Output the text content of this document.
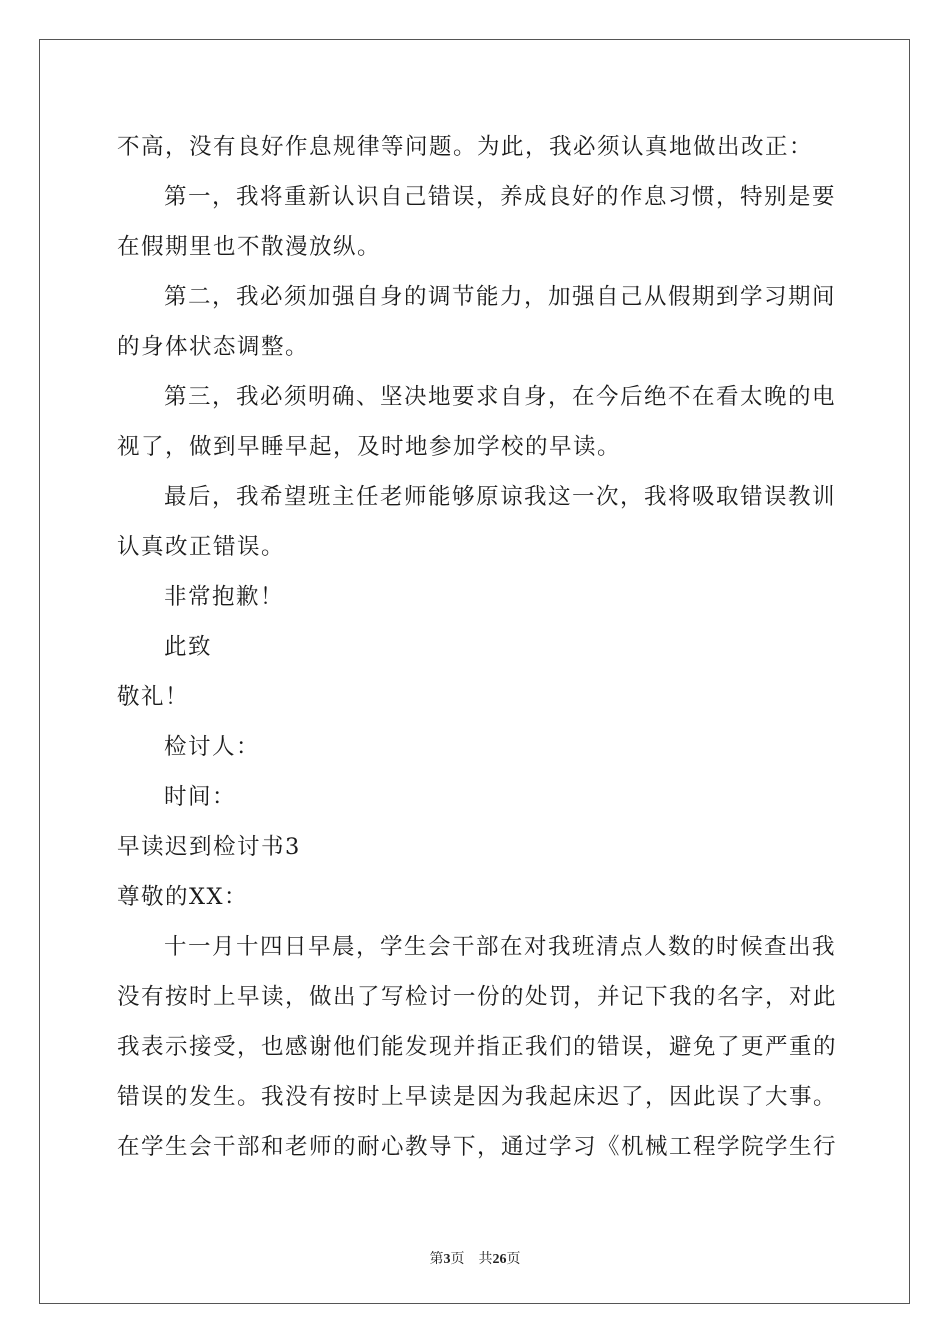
不高，没有良好作息规律等问题。为此，我必须认真地做出改正：

第一，我将重新认识自己错误，养成良好的作息习惯，特别是要

在假期里也不散漫放纵。

第二，我必须加强自身的调节能力，加强自己从假期到学习期间

的身体状态调整。

第三，我必须明确、坚决地要求自身，在今后绝不在看太晚的电

视了，做到早睡早起，及时地参加学校的早读。

最后，我希望班主任老师能够原谅我这一次，我将吸取错误教训

认真改正错误。

非常抱歉！

此致

敬礼！

检讨人：

时间：

早读迟到检讨书3

尊敬的XX：

十一月十四日早晨，学生会干部在对我班清点人数的时候查出我

没有按时上早读，做出了写检讨一份的处罚，并记下我的名字，对此

我表示接受，也感谢他们能发现并指正我们的错误，避免了更严重的

错误的发生。我没有按时上早读是因为我起床迟了，因此误了大事。

在学生会干部和老师的耐心教导下，通过学习《机械工程学院学生行

第3页 共26页
